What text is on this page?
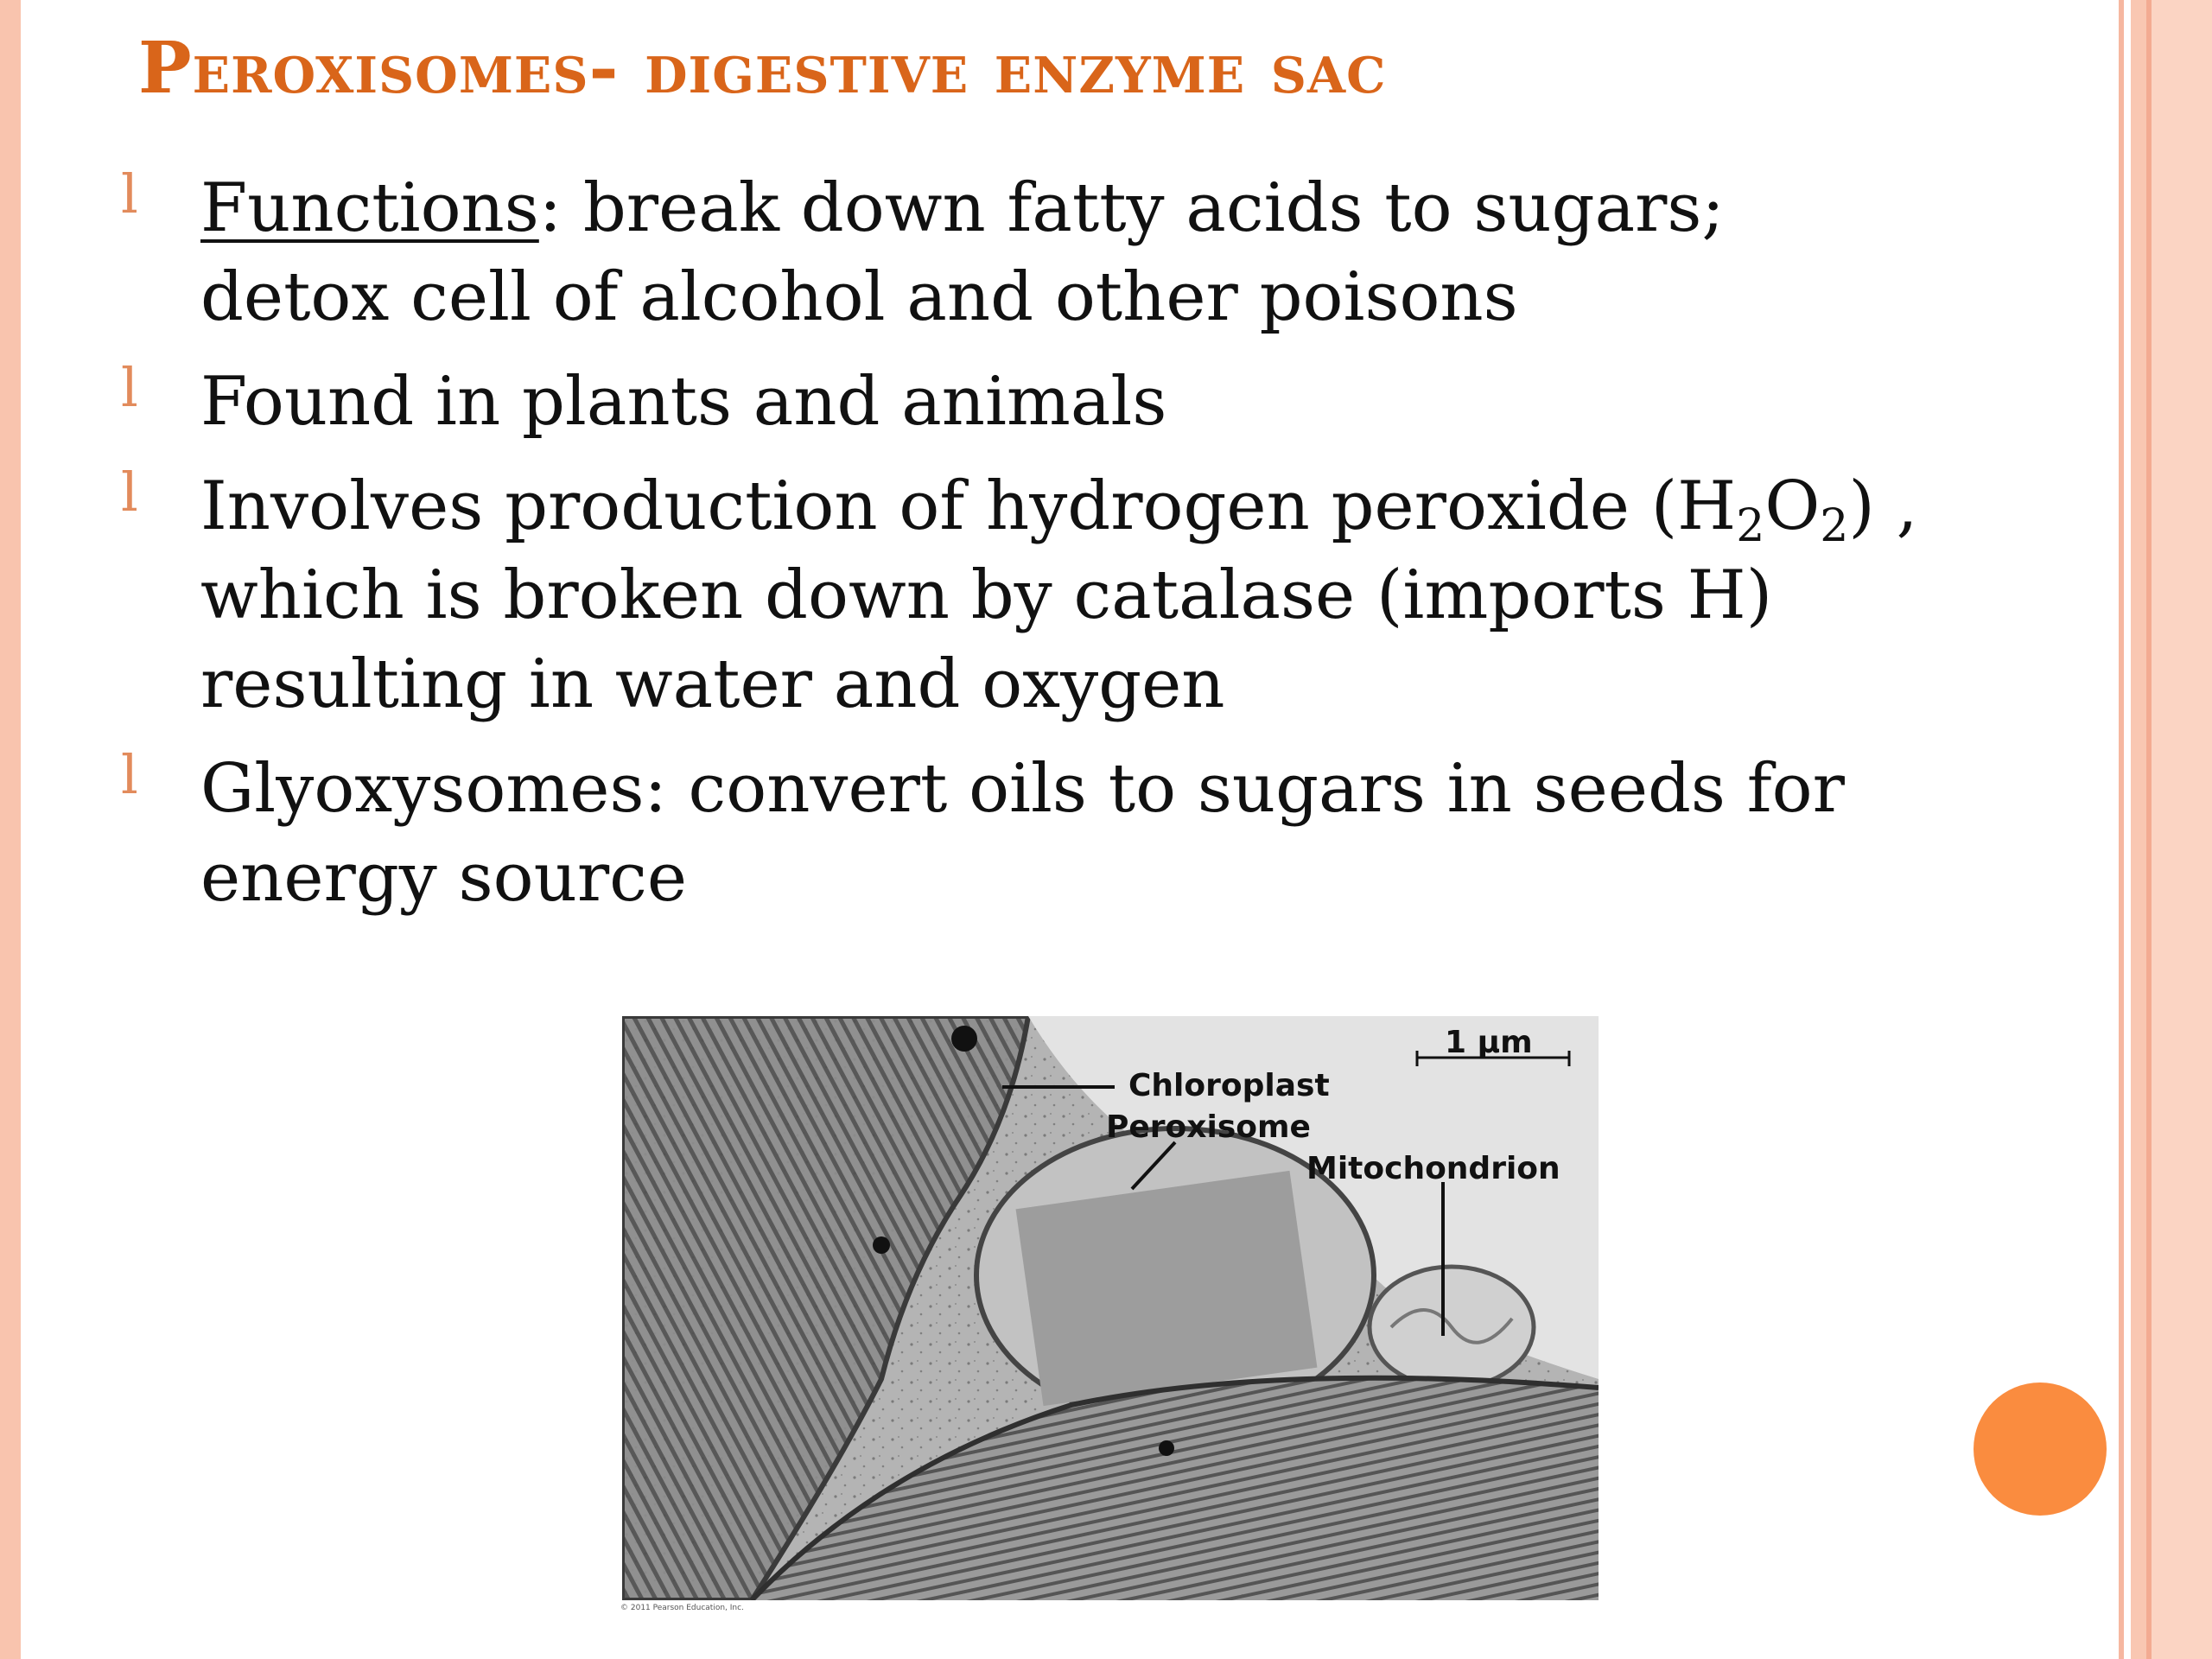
Peroxisomes- digestive enzyme sac
l Functions: break down fatty acids to sugars;
detox cell of alcohol and other poisons
l Found in plants and animals
l Involves production of hydrogen peroxide $(H_2O_2)$ ,
which is broken down by catalase (imports H)
resulting in water and oxygen
l Glyoxysomes: convert oils to sugars in seeds for
energy source
1 µm
Chloroplast
Peroxisome
Mitochondrion
© 2011 Pearson Education, Inc.
